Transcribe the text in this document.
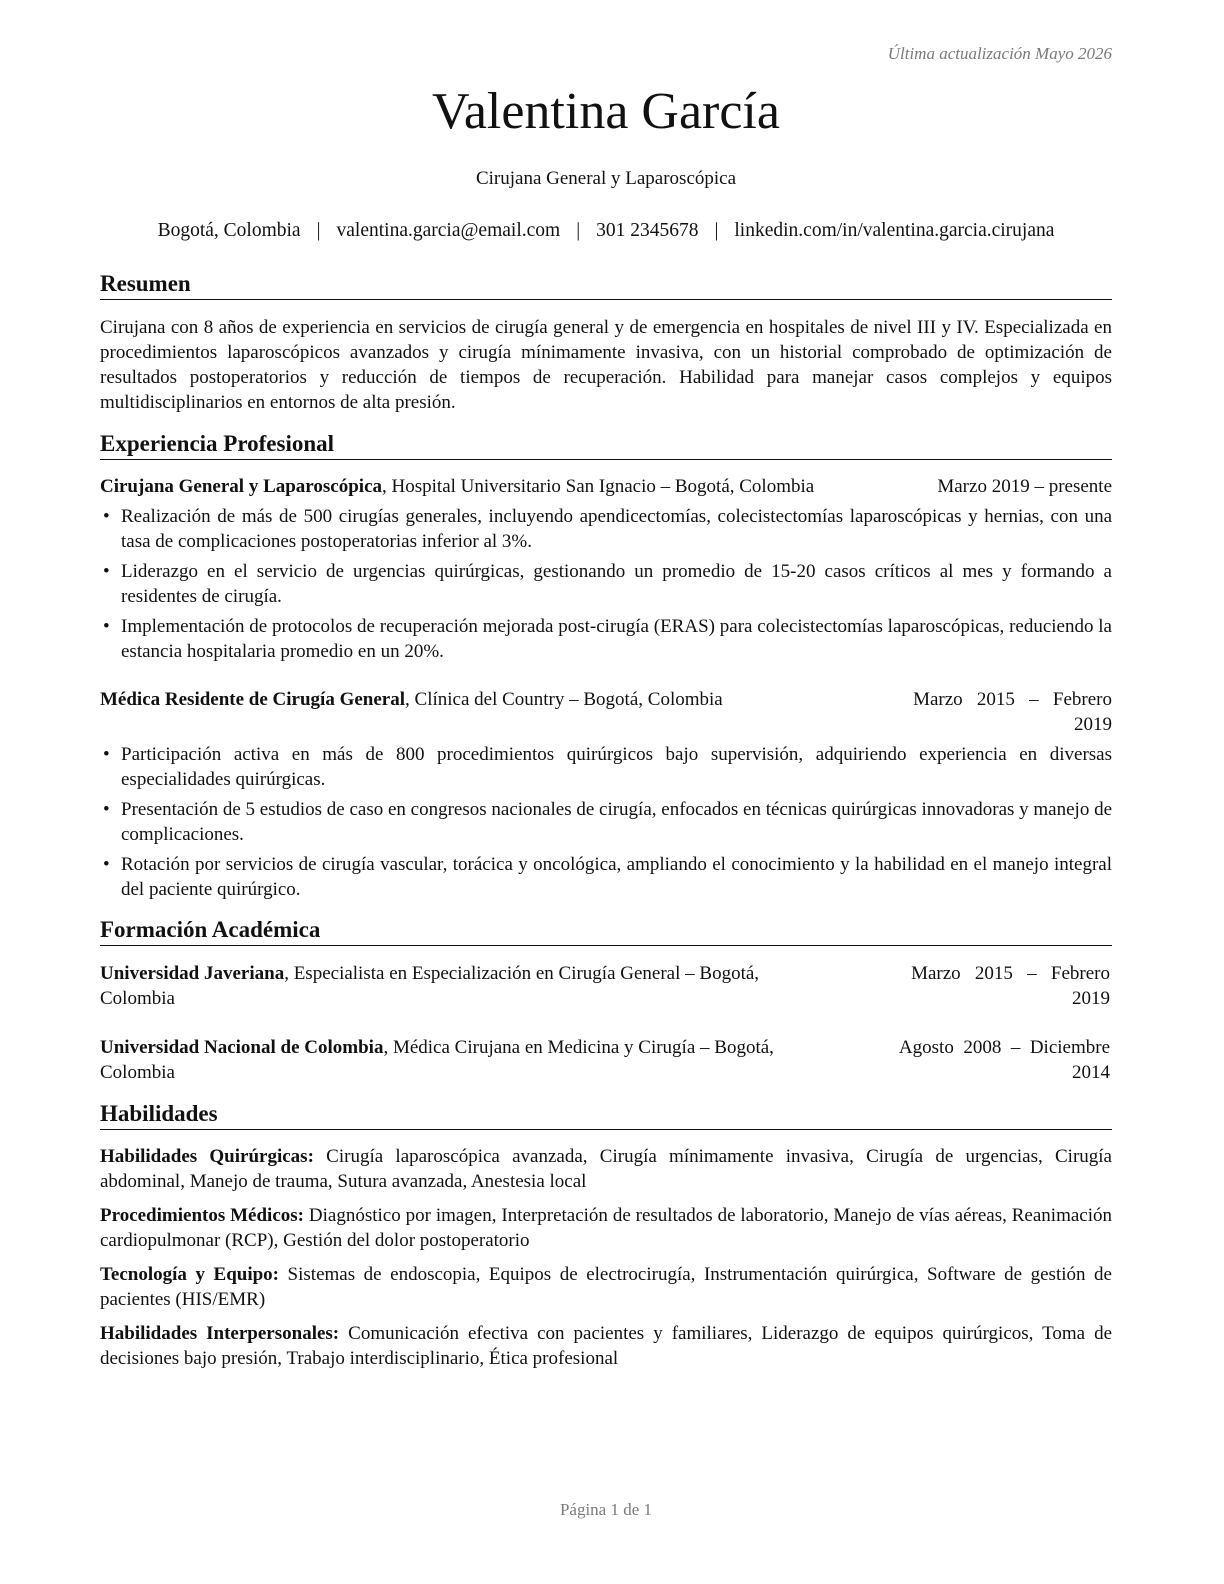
Última actualización Mayo 2026
Valentina García
Cirujana General y Laparoscópica
Bogotá, Colombia | valentina.garcia@email.com | 301 2345678 | linkedin.com/in/valentina.garcia.cirujana
Resumen
Cirujana con 8 años de experiencia en servicios de cirugía general y de emergencia en hospitales de nivel III y IV. Especializada en procedimientos laparoscópicos avanzados y cirugía mínimamente invasiva, con un historial comprobado de optimización de resultados postoperatorios y reducción de tiempos de recuperación. Habilidad para manejar casos complejos y equipos multidisciplinarios en entornos de alta presión.
Experiencia Profesional
Cirujana General y Laparoscópica, Hospital Universitario San Ignacio – Bogotá, Colombia	Marzo 2019 – presente
• Realización de más de 500 cirugías generales, incluyendo apendicectomías, colecistectomías laparoscópicas y hernias, con una tasa de complicaciones postoperatorias inferior al 3%.
• Liderazgo en el servicio de urgencias quirúrgicas, gestionando un promedio de 15-20 casos críticos al mes y formando a residentes de cirugía.
• Implementación de protocolos de recuperación mejorada post-cirugía (ERAS) para colecistectomías laparoscópicas, reduciendo la estancia hospitalaria promedio en un 20%.
Médica Residente de Cirugía General, Clínica del Country – Bogotá, Colombia	Marzo   2015   –   Febrero
2019
• Participación activa en más de 800 procedimientos quirúrgicos bajo supervisión, adquiriendo experiencia en diversas especialidades quirúrgicas.
• Presentación de 5 estudios de caso en congresos nacionales de cirugía, enfocados en técnicas quirúrgicas innovadoras y manejo de complicaciones.
• Rotación por servicios de cirugía vascular, torácica y oncológica, ampliando el conocimiento y la habilidad en el manejo integral del paciente quirúrgico.
Formación Académica
Universidad Javeriana, Especialista en Especialización en Cirugía General – Bogotá,
ColombiaMarzo   2015   –   Febrero
2019
Universidad Nacional de Colombia, Médica Cirujana en Medicina y Cirugía – Bogotá,
ColombiaAgosto  2008  –  Diciembre
2014
Habilidades
Habilidades Quirúrgicas: Cirugía laparoscópica avanzada, Cirugía mínimamente invasiva, Cirugía de urgencias, Cirugía abdominal, Manejo de trauma, Sutura avanzada, Anestesia local
Procedimientos Médicos: Diagnóstico por imagen, Interpretación de resultados de laboratorio, Manejo de vías aéreas, Reanimación cardiopulmonar (RCP), Gestión del dolor postoperatorio
Tecnología y Equipo: Sistemas de endoscopia, Equipos de electrocirugía, Instrumentación quirúrgica, Software de gestión de pacientes (HIS/EMR)
Habilidades Interpersonales: Comunicación efectiva con pacientes y familiares, Liderazgo de equipos quirúrgicos, Toma de decisiones bajo presión, Trabajo interdisciplinario, Ética profesional
Página 1 de 1
